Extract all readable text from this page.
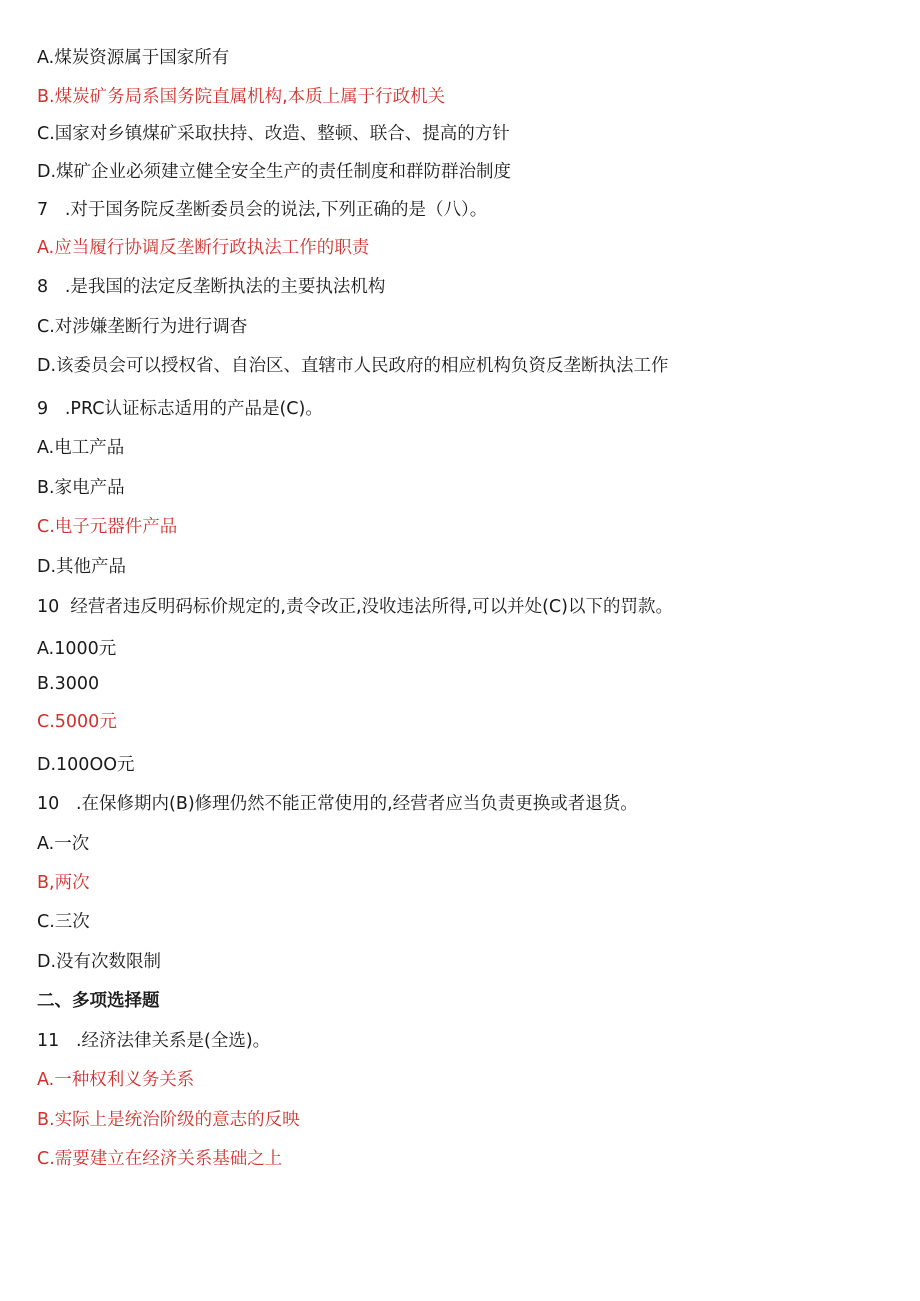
A.煤炭资源属于国家所有
B.煤炭矿务局系国务院直属机构,本质上属于行政机关
C.国家对乡镇煤矿采取扶持、改造、整顿、联合、提高的方针
D.煤矿企业必须建立健全安全生产的责任制度和群防群治制度
7   .对于国务院反垄断委员会的说法,下列正确的是（八）。
A.应当履行协调反垄断行政执法工作的职责
8   .是我国的法定反垄断执法的主要执法机构
C.对涉嫌垄断行为进行调杳
D.该委员会可以授权省、自治区、直辖市人民政府的相应机构负资反垄断执法工作
9   .PRC认证标志适用的产品是(C)。
A.电工产品
B.家电产品
C.电子元器件产品
D.其他产品
10  经营者违反明码标价规定的,责令改正,没收违法所得,可以并处(C)以下的罚款。
A.1000元
B.3000
C.5000元
D.100OO元
10   .在保修期内(B)修理仍然不能正常使用的,经营者应当负责更换或者退货。
A.一次
B,两次
C.三次
D.没有次数限制
二、多项选择题
11   .经济法律关系是(全选)。
A.一种权利义务关系
B.实际上是统治阶级的意志的反映
C.需要建立在经济关系基础之上
